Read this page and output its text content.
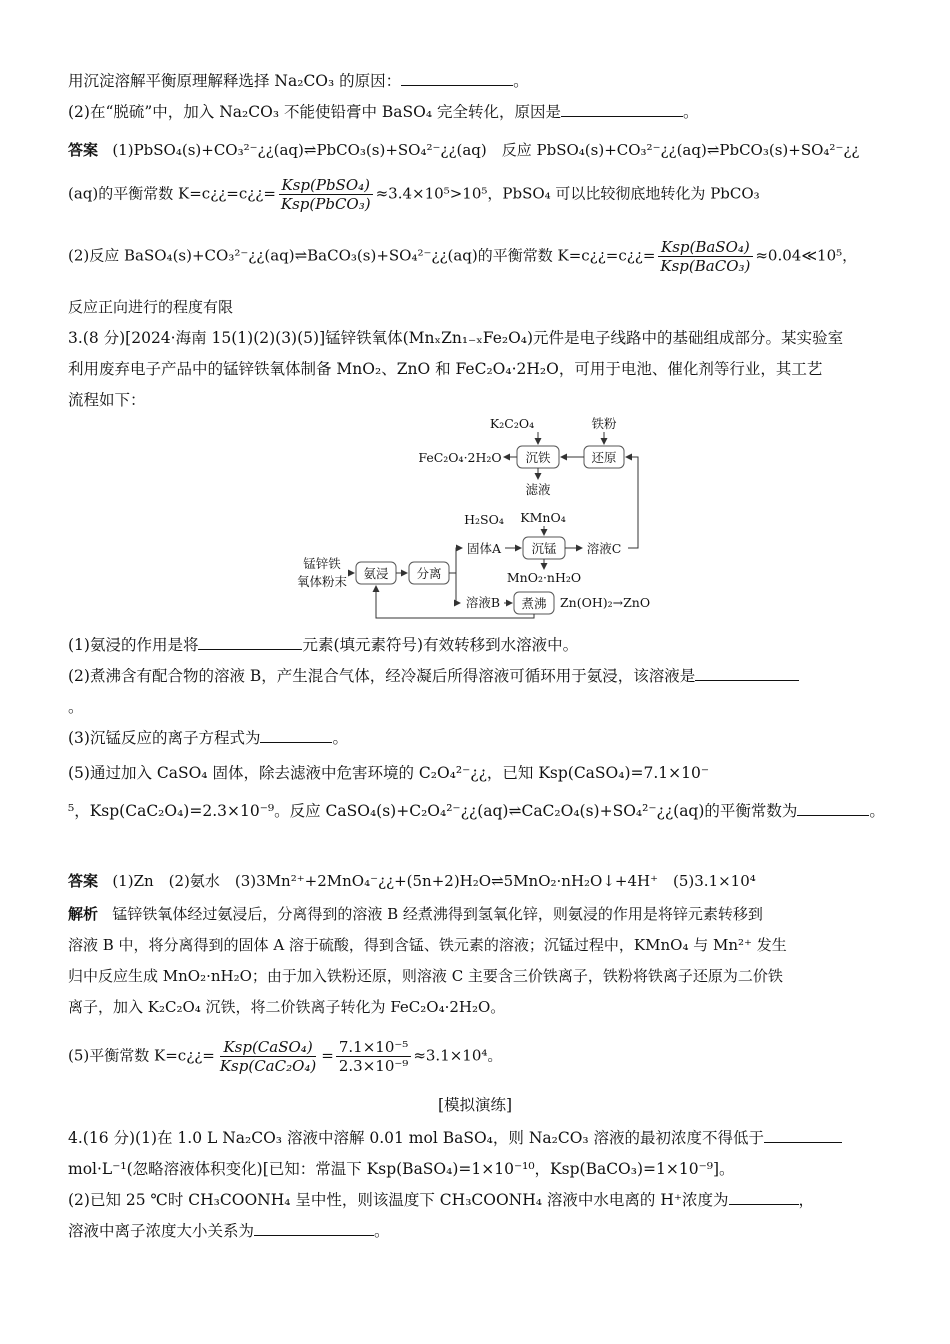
用沉淀溶解平衡原理解释选择 Na₂CO₃ 的原因：	。
(2)在“脱硫”中，加入 Na₂CO₃ 不能使铅膏中 BaSO₄ 完全转化，原因是	。
答案 (1)PbSO₄(s)+CO₃²⁻¿¿(aq)⇌PbCO₃(s)+SO₄²⁻¿¿(aq)　反应 PbSO₄(s)+CO₃²⁻¿¿(aq)⇌PbCO₃(s)+SO₄²⁻¿¿
(aq)的平衡常数 K=c¿¿=c¿¿= $\frac{\text{Ksp(PbSO₄)}}{\text{Ksp(PbCO₃)}} \approx 3.4\times 10^5>10^5$，PbSO₄ 可以比较彻底地转化为 PbCO₃
(2)反应 BaSO₄(s)+CO₃²⁻¿¿(aq)⇌BaCO₃(s)+SO₄²⁻¿¿(aq)的平衡常数 K=c¿¿=c¿¿= $\frac{\text{Ksp(BaSO₄)}}{\text{Ksp(BaCO₃)}}$ ≈0.04≪10⁵，
反应正向进行的程度有限
3.(8 分)[2024·海南 15(1)(2)(3)(5)]锰锌铁氧体(MnₓZn₁₋ₓFe₂O₄)元件是电子线路中的基础组成部分。某实验室
利用废弃电子产品中的锰锌铁氧体制备 MnO₂、ZnO 和 FeC₂O₄·2H₂O，可用于电池、催化剂等行业，其工艺
流程如下：
K₂C₂O₄	铁粉
FeC₂O₄·2H₂O 沉铁	还原
滤液
H₂SO₄ KMnO₄
固体A 沉锰 溶液C
锰锌铁
氧体粉末
氨浸 分离	MnO₂·nH₂O
溶液B 煮沸 Zn(OH)₂→ZnO
(1)氨浸的作用是将	元素(填元素符号)有效转移到水溶液中。
(2)煮沸含有配合物的溶液 B，产生混合气体，经冷凝后所得溶液可循环用于氨浸，该溶液是
。
(3)沉锰反应的离子方程式为	。
(5)通过加入 CaSO₄ 固体，除去滤液中危害环境的 C₂O₄²⁻¿¿，已知 Ksp(CaSO₄)=7.1×10⁻
⁵，Ksp(CaC₂O₄)=2.3×10⁻⁹。反应 CaSO₄(s)+C₂O₄²⁻¿¿(aq)⇌CaC₂O₄(s)+SO₄²⁻¿¿(aq)的平衡常数为	。
答案 (1)Zn　(2)氨水　(3)3Mn²⁺+2MnO₄⁻¿¿+(5n+2)H₂O⇌5MnO₂·nH₂O↓+4H⁺　(5)3.1×10⁴
解析 锰锌铁氧体经过氨浸后，分离得到的溶液 B 经煮沸得到氢氧化锌，则氨浸的作用是将锌元素转移到
溶液 B 中，将分离得到的固体 A 溶于硫酸，得到含锰、铁元素的溶液；沉锰过程中，KMnO₄ 与 Mn²⁺ 发生
归中反应生成 MnO₂·nH₂O；由于加入铁粉还原，则溶液 C 主要含三价铁离子，铁粉将铁离子还原为二价铁
离子，加入 K₂C₂O₄ 沉铁，将二价铁离子转化为 FeC₂O₄·2H₂O。
(5)平衡常数 K=c¿¿= $\frac{\text{Ksp(CaSO₄)}}{\text{Ksp(CaC₂O₄)}} = \frac{\text{7.1×10⁻⁵}}{\text{2.3×10⁻⁹}} \approx 3.1\times 10^4$。
[模拟演练]
4.(16 分)(1)在 1.0 L Na₂CO₃ 溶液中溶解 0.01 mol BaSO₄，则 Na₂CO₃ 溶液的最初浓度不得低于
mol·L⁻¹(忽略溶液体积变化)[已知：常温下 Ksp(BaSO₄)=1×10⁻¹⁰，Ksp(BaCO₃)=1×10⁻⁹]。
(2)已知 25 ℃时 CH₃COONH₄ 呈中性，则该温度下 CH₃COONH₄ 溶液中水电离的 H⁺浓度为	，
溶液中离子浓度大小关系为	。
